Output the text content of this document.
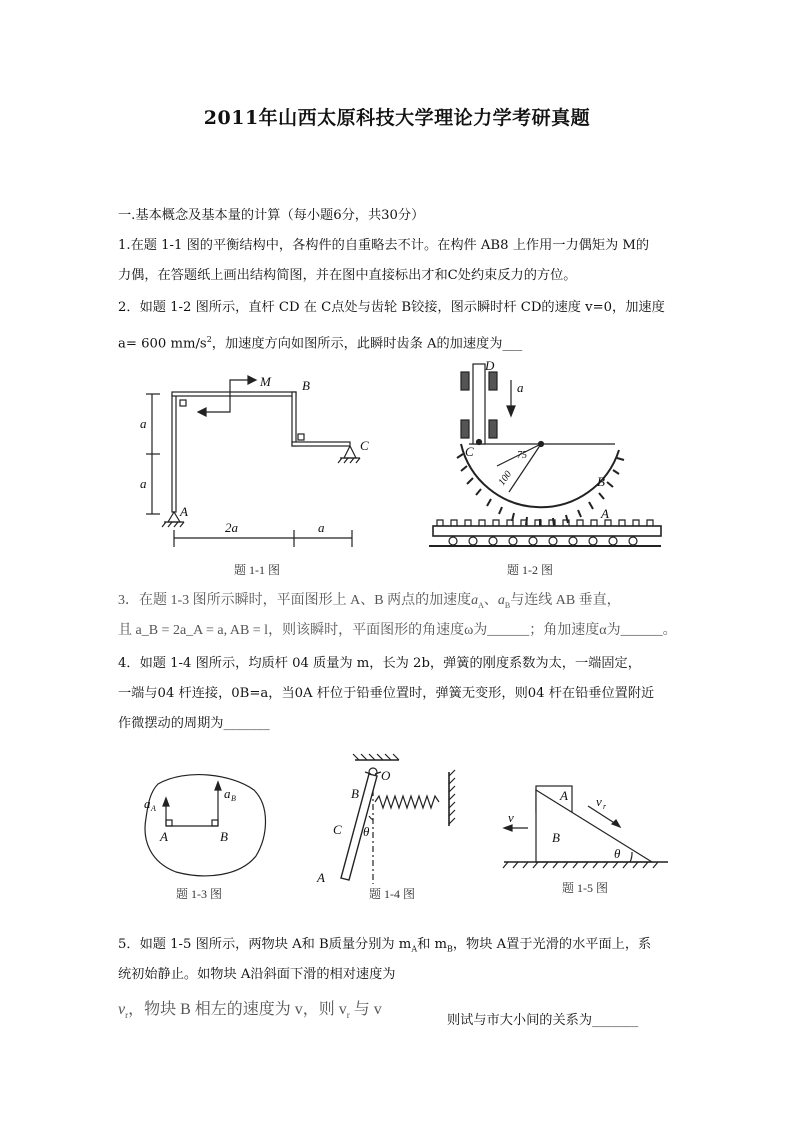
2011年山西太原科技大学理论力学考研真题
一.基本概念及基本量的计算（每小题6分，共30分）
1.在题 1-1 图的平衡结构中，各构件的自重略去不计。在构件 AB8 上作用一力偶矩为 M的
力偶，在答题纸上画出结构简图，并在图中直接标出才和C处约束反力的方位。
2．如题 1-2 图所示，直杆 CD 在 C点处与齿轮 B铰接，图示瞬时杆 CD的速度 v=0，加速度
a= 600 $mm/s^2$，加速度方向如图所示，此瞬时齿条 A的加速度为___
M B
C
A
a
a
2a	a
题 1-1 图
D
C
a
75
100	B
A
题 1-2 图
3．在题 1-3 图所示瞬时，平面图形上 A、B 两点的加速度$a_A$、$a_B$与连线 AB 垂直，
且 a_B = 2a_A = a, AB = l，则该瞬时，平面图形的角速度ω为______；角加速度α为______。
4．如题 1-4 图所示，均质杆 04 质量为 m，长为 2b，弹簧的刚度系数为太，一端固定，
一端与04 杆连接，0B=a，当0A 杆位于铅垂位置时，弹簧无变形，则04 杆在铅垂位置附近
作微摆动的周期为_______
a A
a B
A	B
题 1-3 图
O
B
C θ
A
题 1-4 图
v
A v r
B
θ
题 1-5 图
5．如题 1-5 图所示，两物块 A和 B质量分别为 $m_A$和 $m_B$，物块 A置于光滑的水平面上，系
统初始静止。如物块 A沿斜面下滑的相对速度为
$v_r$，物块 B 相左的速度为 v，则 $v_r$ 与 v
则试与市大小间的关系为_______
